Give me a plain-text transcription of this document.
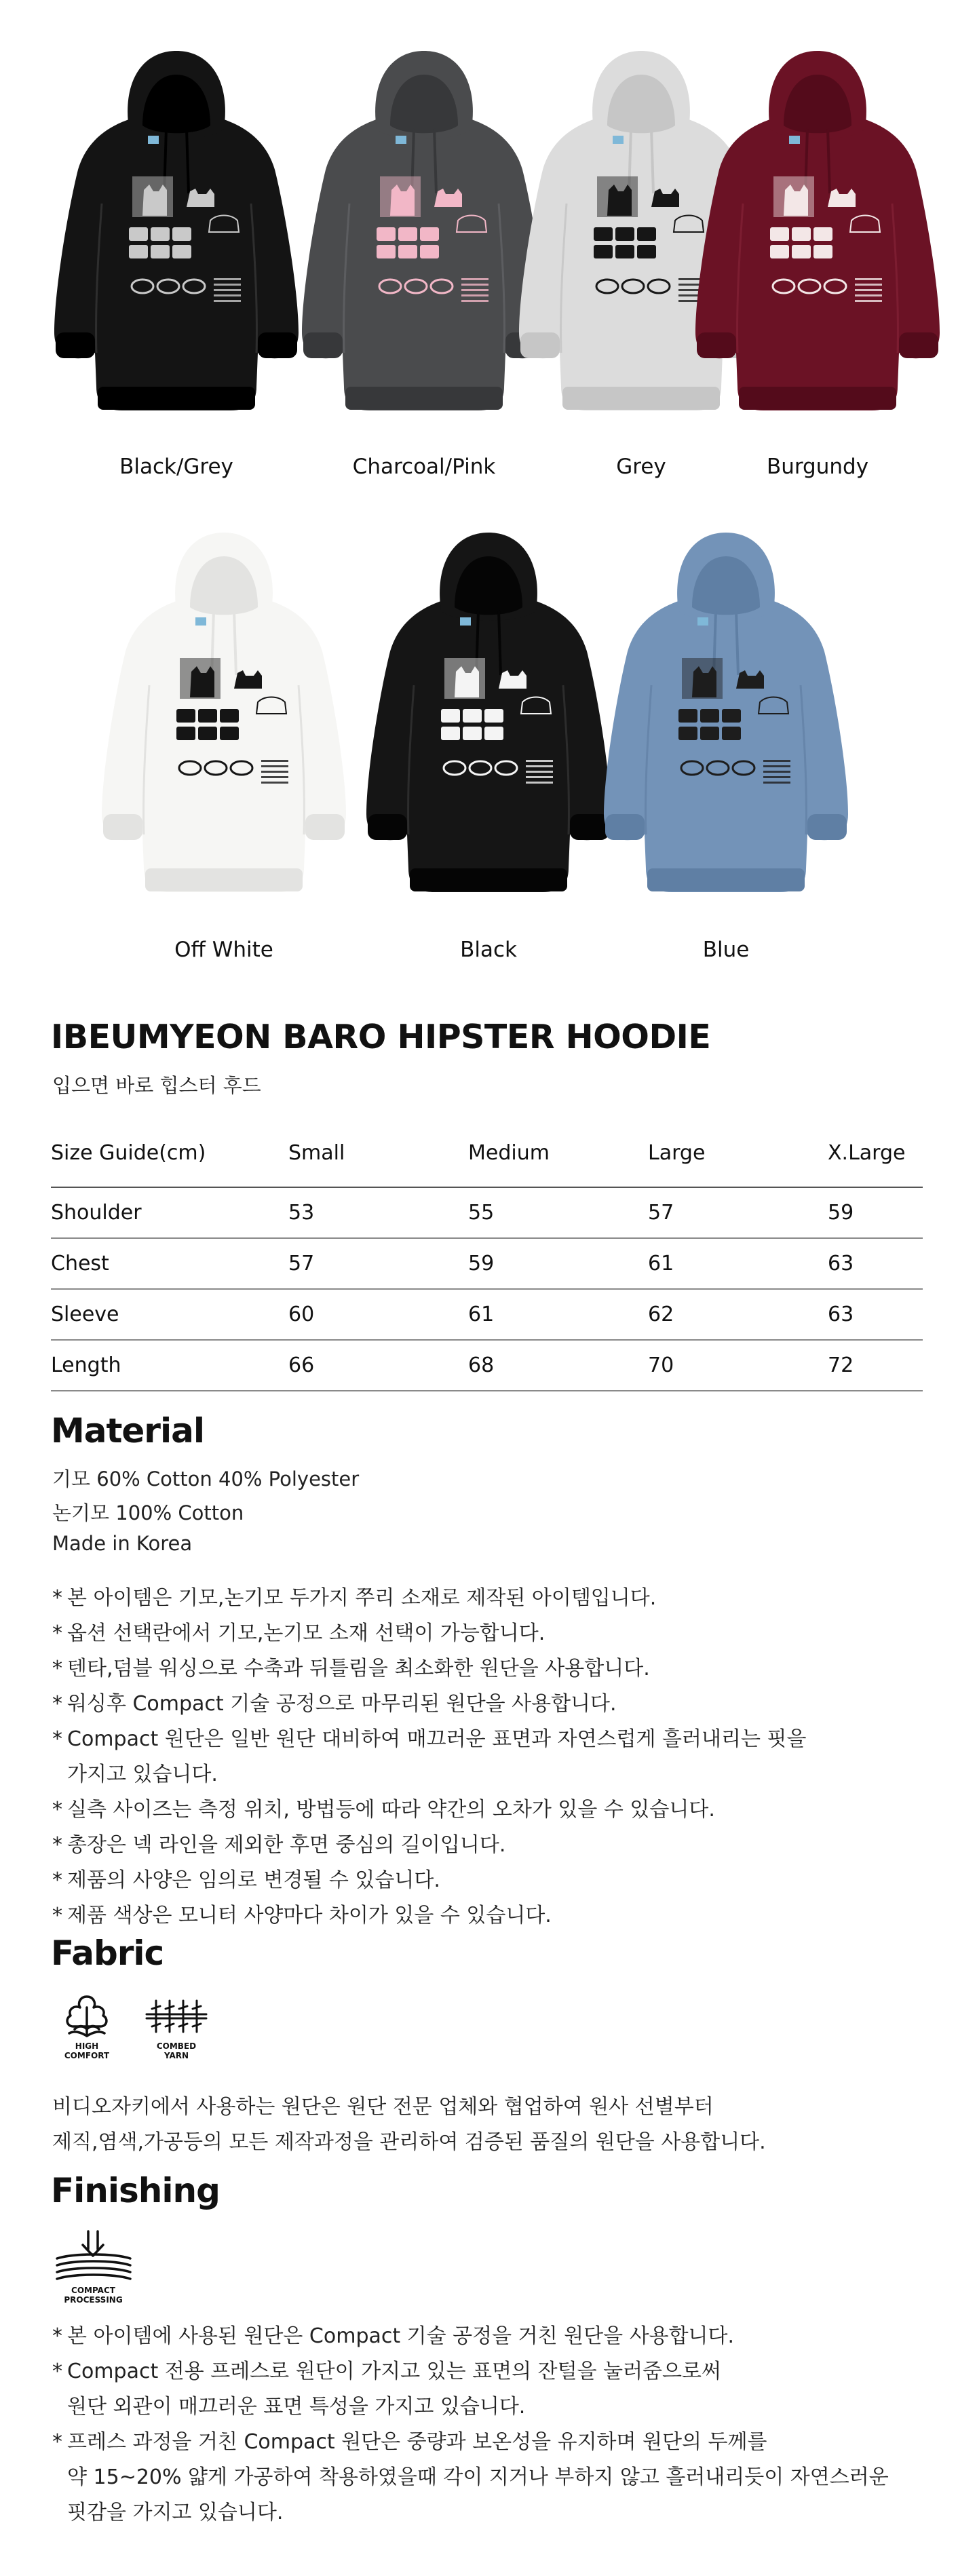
Black/Grey	Charcoal/Pink	Grey	Burgundy
Off White	Black	Blue
IBEUMYEON BARO HIPSTER HOODIE
입으면 바로 힙스터 후드
Size Guide(cm)	Small	Medium	Large	X.Large
Shoulder	53	55	57	59
Chest	57	59	61	63
Sleeve	60	61	62	63
Length	66	68	70	72
Material
기모 60% Cotton 40% Polyester
논기모 100% Cotton
Made in Korea
* 본 아이템은 기모,논기모 두가지 쭈리 소재로 제작된 아이템입니다.
* 옵션 선택란에서 기모,논기모 소재 선택이 가능합니다.
* 텐타,덤블 워싱으로 수축과 뒤틀림을 최소화한 원단을 사용합니다.
* 워싱후 Compact 기술 공정으로 마무리된 원단을 사용합니다.
* Compact 원단은 일반 원단 대비하여 매끄러운 표면과 자연스럽게 흘러내리는 핏을
가지고 있습니다.
* 실측 사이즈는 측정 위치, 방법등에 따라 약간의 오차가 있을 수 있습니다.
* 총장은 넥 라인을 제외한 후면 중심의 길이입니다.
* 제품의 사양은 임의로 변경될 수 있습니다.
* 제품 색상은 모니터 사양마다 차이가 있을 수 있습니다.
Fabric
HIGH
COMFORT
COMBED
YARN
비디오자키에서 사용하는 원단은 원단 전문 업체와 협업하여 원사 선별부터
제직,염색,가공등의 모든 제작과정을 관리하여 검증된 품질의 원단을 사용합니다.
Finishing
COMPACT
PROCESSING
* 본 아이템에 사용된 원단은 Compact 기술 공정을 거친 원단을 사용합니다.
* Compact 전용 프레스로 원단이 가지고 있는 표면의 잔털을 눌러줌으로써
원단 외관이 매끄러운 표면 특성을 가지고 있습니다.
* 프레스 과정을 거친 Compact 원단은 중량과 보온성을 유지하며 원단의 두께를
약 15~20% 얇게 가공하여 착용하였을때 각이 지거나 부하지 않고 흘러내리듯이 자연스러운
핏감을 가지고 있습니다.
